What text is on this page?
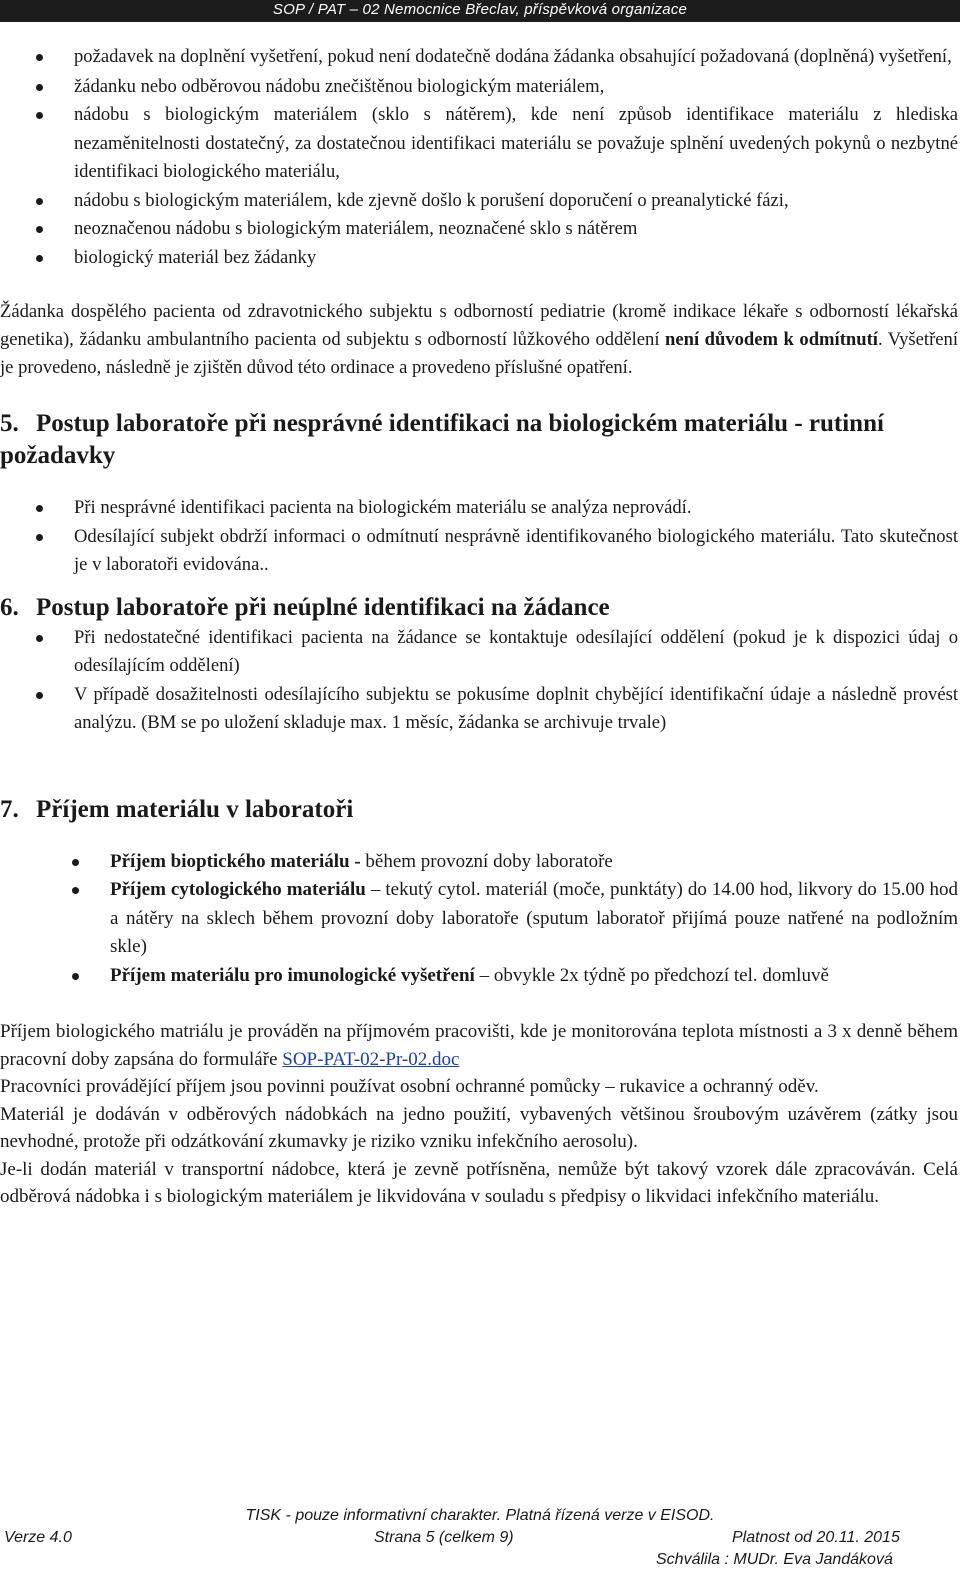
SOP / PAT – 02 Nemocnice Břeclav, příspěvková organizace
požadavek na doplnění vyšetření, pokud není dodatečně dodána žádanka obsahující požadovaná (doplněná) vyšetření,
žádanku nebo odběrovou nádobu znečištěnou biologickým materiálem,
nádobu s biologickým materiálem (sklo s nátěrem), kde není způsob identifikace materiálu z hlediska nezaměnitelnosti dostatečný, za dostatečnou identifikaci materiálu se považuje splnění uvedených pokynů o nezbytné identifikaci biologického materiálu,
nádobu s biologickým materiálem, kde zjevně došlo k porušení doporučení o preanalytické fázi,
neoznačenou nádobu s biologickým materiálem, neoznačené sklo s nátěrem
biologický materiál bez žádanky

Žádanka dospělého pacienta od zdravotnického subjektu s odborností pediatrie (kromě indikace lékaře s odborností lékařská genetika), žádanku ambulantního pacienta od subjektu s odborností lůžkového oddělení není důvodem k odmítnutí. Vyšetření je provedeno, následně je zjištěn důvod této ordinace a provedeno příslušné opatření.

5. Postup laboratoře při nesprávné identifikaci na biologickém materiálu - rutinní požadavky
Při nesprávné identifikaci pacienta na biologickém materiálu se analýza neprovádí.
Odesílající subjekt obdrží informaci o odmítnutí nesprávně identifikovaného biologického materiálu. Tato skutečnost je v laboratoři evidována..
6. Postup laboratoře při neúplné identifikaci na žádance
Při nedostatečné identifikaci pacienta na žádance se kontaktuje odesílající oddělení (pokud je k dispozici údaj o odesílajícím oddělení)
V případě dosažitelnosti odesílajícího subjektu se pokusíme doplnit chybějící identifikační údaje a následně provést analýzu. (BM se po uložení skladuje max. 1 měsíc, žádanka se archivuje trvale)
7. Příjem materiálu v laboratoři
Příjem bioptického materiálu - během provozní doby laboratoře
Příjem cytologického materiálu – tekutý cytol. materiál (moče, punktáty) do 14.00 hod, likvory do 15.00 hod a nátěry na sklech během provozní doby laboratoře (sputum laboratoř přijímá pouze natřené na podložním skle)
Příjem materiálu pro imunologické vyšetření – obvykle 2x týdně po předchozí tel. domluvě

Příjem biologického matriálu je prováděn na příjmovém pracovišti, kde je monitorována teplota místnosti a 3 x denně během pracovní doby zapsána do formuláře SOP-PAT-02-Pr-02.doc

Pracovníci provádějící příjem jsou povinni používat osobní ochranné pomůcky – rukavice a ochranný oděv.

Materiál je dodáván v odběrových nádobkách na jedno použití, vybavených většinou šroubovým uzávěrem (zátky jsou nevhodné, protože při odzátkování zkumavky je riziko vzniku infekčního aerosolu).

Je-li dodán materiál v transportní nádobce, která je zevně potřísněna, nemůže být takový vzorek dále zpracováván. Celá odběrová nádobka i s biologickým materiálem je likvidována v souladu s předpisy o likvidaci infekčního materiálu.

TISK - pouze informativní charakter. Platná řízená verze v EISOD.
Verze 4.0	Strana 5 (celkem 9)	Platnost od 20.11. 2015
Schválila : MUDr. Eva Jandáková
